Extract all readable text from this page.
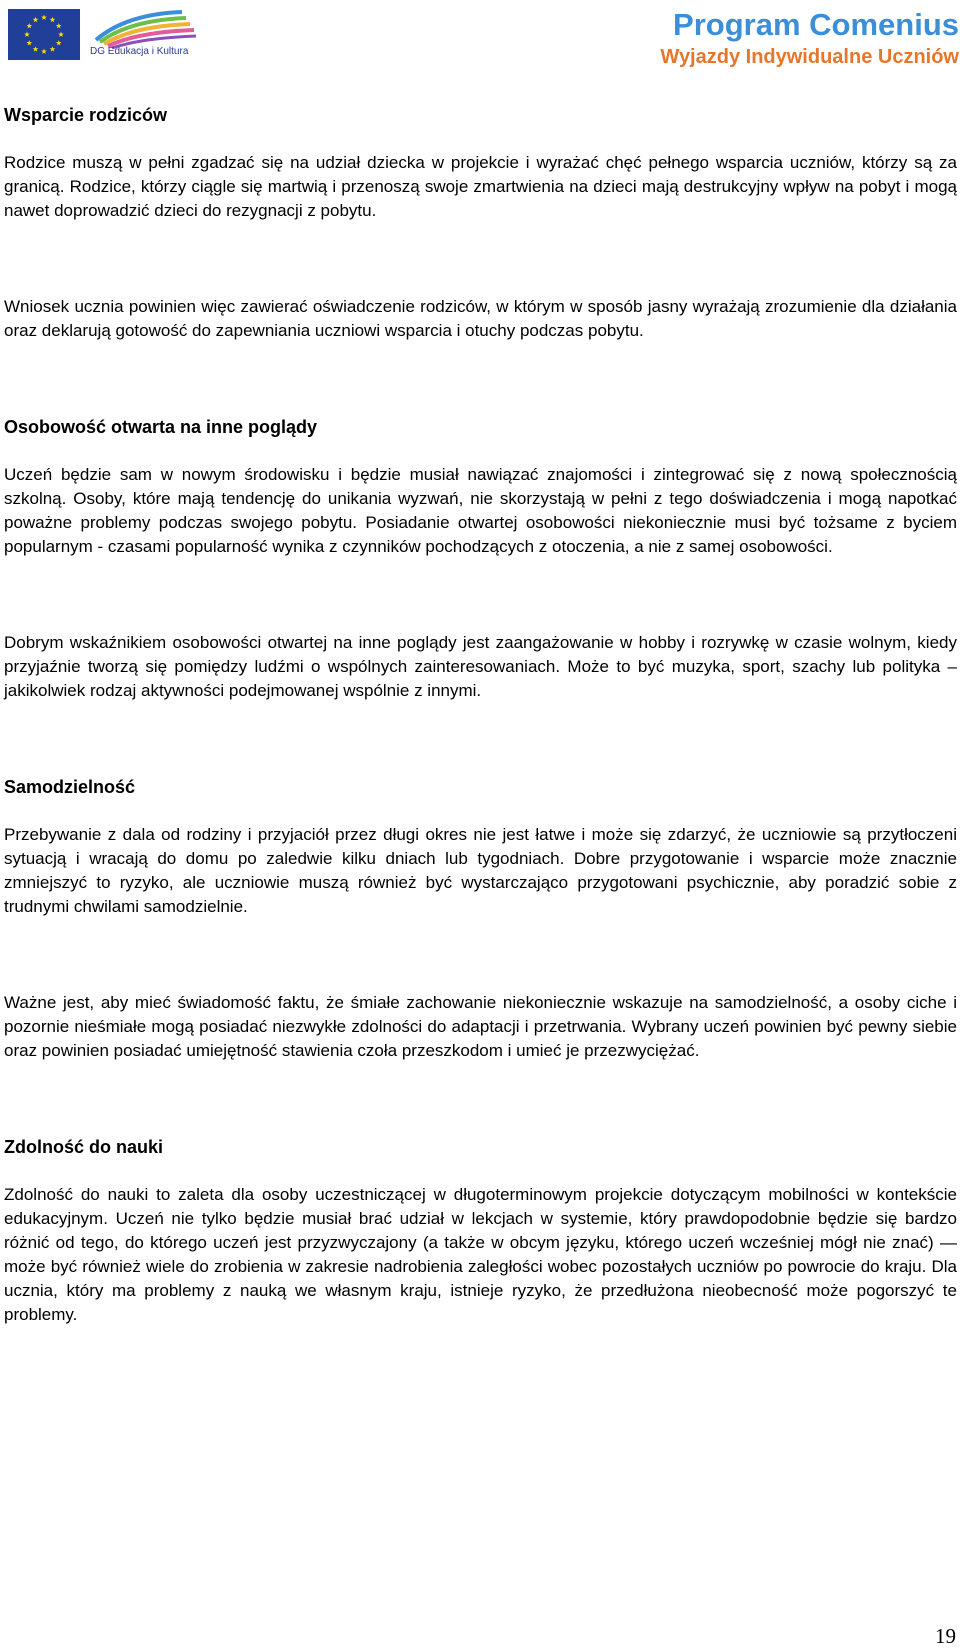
DG Edukacja i Kultura
Program Comenius
Wyjazdy Indywidualne Uczniów

Wsparcie rodziców

Rodzice muszą w pełni zgadzać się na udział dziecka w projekcie i wyrażać chęć pełnego wsparcia uczniów, którzy są za granicą. Rodzice, którzy ciągle się martwią i przenoszą swoje zmartwienia na dzieci mają destrukcyjny wpływ na pobyt i mogą nawet doprowadzić dzieci do rezygnacji z pobytu.

Wniosek ucznia powinien więc zawierać oświadczenie rodziców, w którym w sposób jasny wyrażają zrozumienie dla działania oraz deklarują gotowość do zapewniania uczniowi wsparcia i otuchy podczas pobytu.

Osobowość otwarta na inne poglądy

Uczeń będzie sam w nowym środowisku i będzie musiał nawiązać znajomości i zintegrować się z nową społecznością szkolną. Osoby, które mają tendencję do unikania wyzwań, nie skorzystają w pełni z tego doświadczenia i mogą napotkać poważne problemy podczas swojego pobytu. Posiadanie otwartej osobowości niekoniecznie musi być tożsame z byciem popularnym - czasami popularność wynika z czynników pochodzących z otoczenia, a nie z samej osobowości.

Dobrym wskaźnikiem osobowości otwartej na inne poglądy jest zaangażowanie w hobby i rozrywkę w czasie wolnym, kiedy przyjaźnie tworzą się pomiędzy ludźmi o wspólnych zainteresowaniach. Może to być muzyka, sport, szachy lub polityka – jakikolwiek rodzaj aktywności podejmowanej wspólnie z innymi.

Samodzielność

Przebywanie z dala od rodziny i przyjaciół przez długi okres nie jest łatwe i może się zdarzyć, że uczniowie są przytłoczeni sytuacją i wracają do domu po zaledwie kilku dniach lub tygodniach. Dobre przygotowanie i wsparcie może znacznie zmniejszyć to ryzyko, ale uczniowie muszą również być wystarczająco przygotowani psychicznie, aby poradzić sobie z trudnymi chwilami samodzielnie.

Ważne jest, aby mieć świadomość faktu, że śmiałe zachowanie niekoniecznie wskazuje na samodzielność, a osoby ciche i pozornie nieśmiałe mogą posiadać niezwykłe zdolności do adaptacji i przetrwania. Wybrany uczeń powinien być pewny siebie oraz powinien posiadać umiejętność stawienia czoła przeszkodom i umieć je przezwyciężać.

Zdolność do nauki

Zdolność do nauki to zaleta dla osoby uczestniczącej w długoterminowym projekcie dotyczącym mobilności w kontekście edukacyjnym. Uczeń nie tylko będzie musiał brać udział w lekcjach w systemie, który prawdopodobnie będzie się bardzo różnić od tego, do którego uczeń jest przyzwyczajony (a także w obcym języku, którego uczeń wcześniej mógł nie znać) — może być również wiele do zrobienia w zakresie nadrobienia zaległości wobec pozostałych uczniów po powrocie do kraju. Dla ucznia, który ma problemy z nauką we własnym kraju, istnieje ryzyko, że przedłużona nieobecność może pogorszyć te problemy.

19
